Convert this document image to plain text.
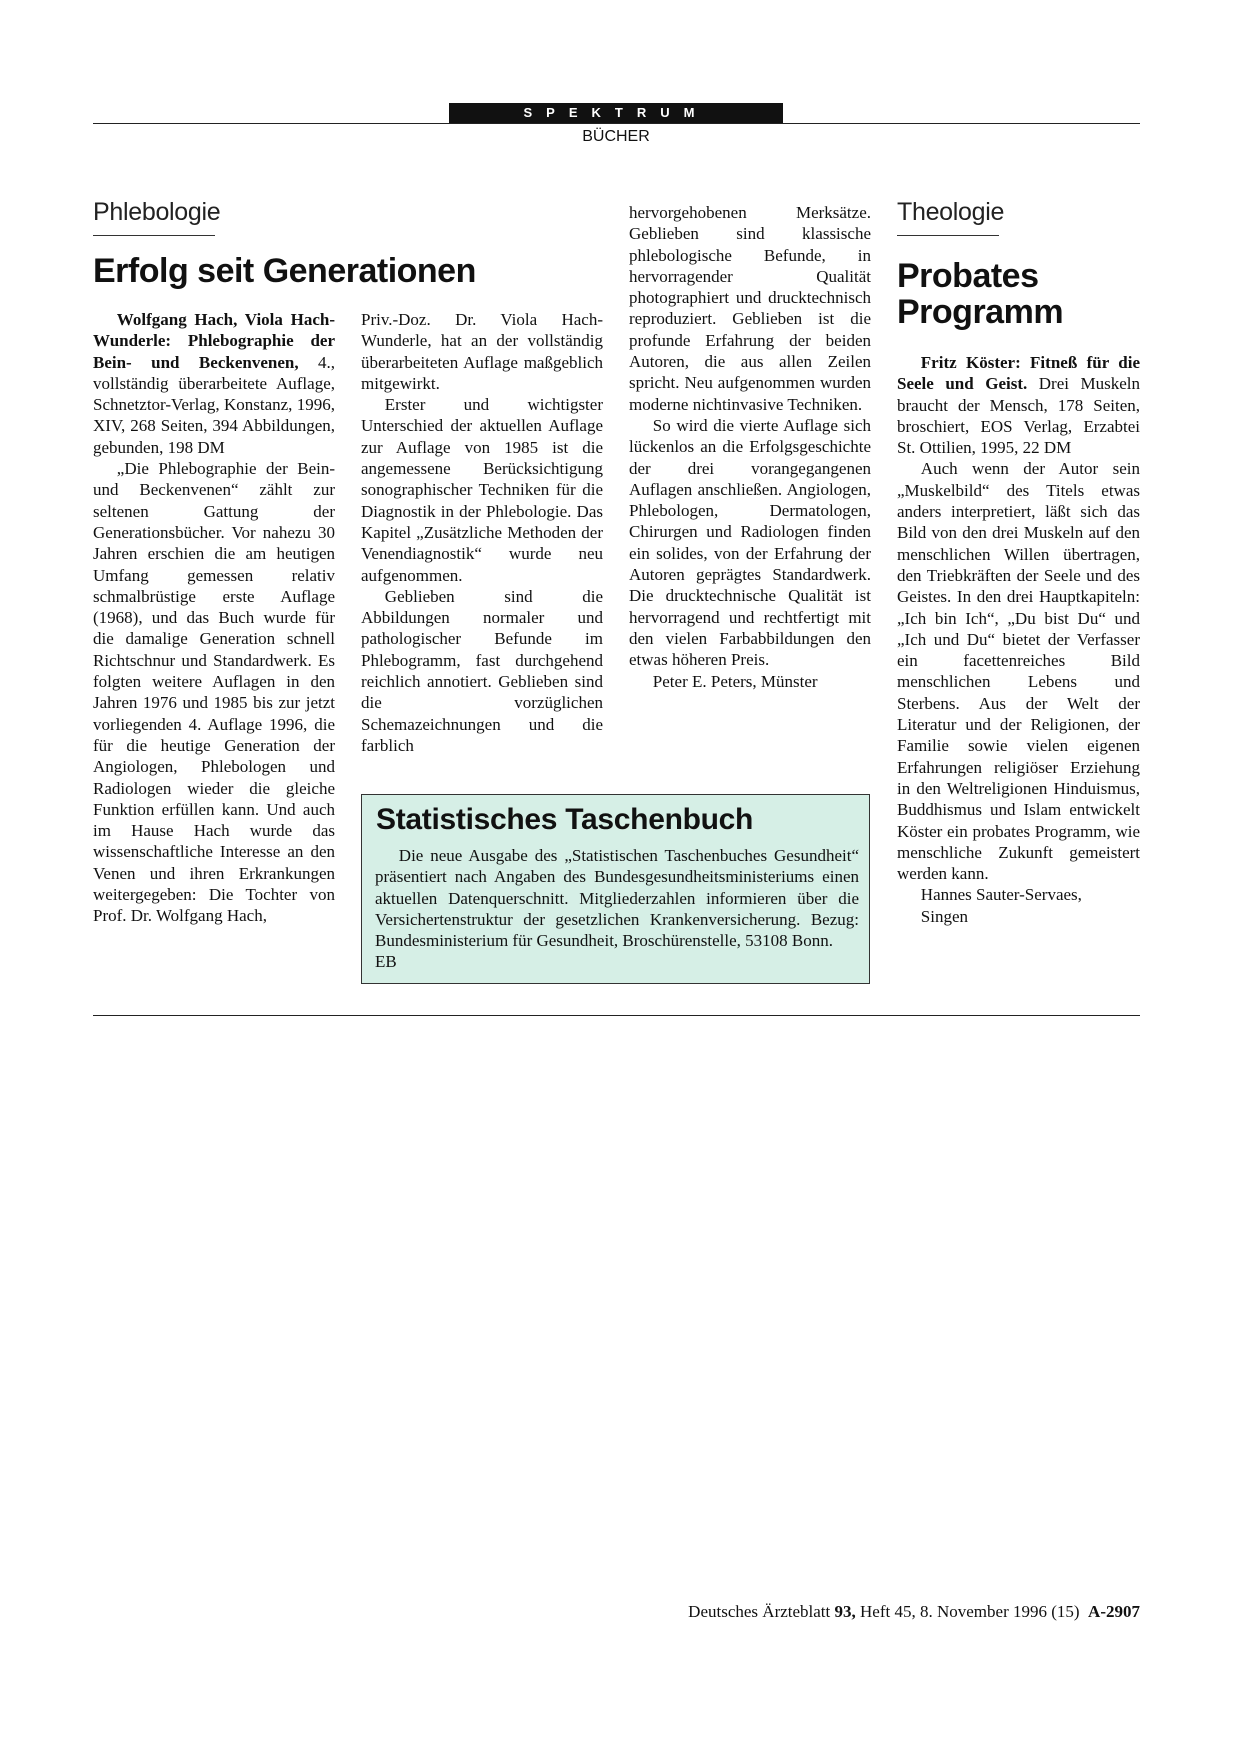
SPEKTRUM
BÜCHER
Phlebologie
Erfolg seit Generationen

Wolfgang Hach, Viola Hach-Wunderle: Phlebographie der Bein- und Beckenvenen, 4., vollständig überarbeitete Auflage, Schnetztor-Verlag, Konstanz, 1996, XIV, 268 Seiten, 394 Abbildungen, gebunden, 198 DM

„Die Phlebographie der Bein- und Beckenvenen“ zählt zur seltenen Gattung der Generationsbücher. Vor nahezu 30 Jahren erschien die am heutigen Umfang gemessen relativ schmalbrüstige erste Auflage (1968), und das Buch wurde für die damalige Generation schnell Richtschnur und Standardwerk. Es folgten weitere Auflagen in den Jahren 1976 und 1985 bis zur jetzt vorliegenden 4. Auflage 1996, die für die heutige Generation der Angiologen, Phlebologen und Radiologen wieder die gleiche Funktion erfüllen kann. Und auch im Hause Hach wurde das wissenschaftliche Interesse an den Venen und ihren Erkrankungen weitergegeben: Die Tochter von Prof. Dr. Wolfgang Hach,

Priv.-Doz. Dr. Viola Hach-Wunderle, hat an der vollständig überarbeiteten Auflage maßgeblich mitgewirkt.

Erster und wichtigster Unterschied der aktuellen Auflage zur Auflage von 1985 ist die angemessene Berücksichtigung sonographischer Techniken für die Diagnostik in der Phlebologie. Das Kapitel „Zusätzliche Methoden der Venendiagnostik“ wurde neu aufgenommen.

Geblieben sind die Abbildungen normaler und pathologischer Befunde im Phlebogramm, fast durchgehend reichlich annotiert. Geblieben sind die vorzüglichen Schemazeichnungen und die farblich

hervorgehobenen Merksätze. Geblieben sind klassische phlebologische Befunde, in hervorragender Qualität photographiert und drucktechnisch reproduziert. Geblieben ist die profunde Erfahrung der beiden Autoren, die aus allen Zeilen spricht. Neu aufgenommen wurden moderne nichtinvasive Techniken.

So wird die vierte Auflage sich lückenlos an die Erfolgsgeschichte der drei vorangegangenen Auflagen anschließen. Angiologen, Phlebologen, Dermatologen, Chirurgen und Radiologen finden ein solides, von der Erfahrung der Autoren geprägtes Standardwerk. Die drucktechnische Qualität ist hervorragend und rechtfertigt mit den vielen Farbabbildungen den etwas höheren Preis.

Peter E. Peters, Münster

Statistisches Taschenbuch

Die neue Ausgabe des „Statistischen Taschenbuches Gesundheit“ präsentiert nach Angaben des Bundesgesundheitsministeriums einen aktuellen Datenquerschnitt. Mitgliederzahlen informieren über die Versichertenstruktur der gesetzlichen Krankenversicherung. Bezug: Bundesministerium für Gesundheit, Broschürenstelle, 53108 Bonn.EB

Theologie
Probates
Programm

Fritz Köster: Fitneß für die Seele und Geist. Drei Muskeln braucht der Mensch, 178 Seiten, broschiert, EOS Verlag, Erzabtei St. Ottilien, 1995, 22 DM

Auch wenn der Autor sein „Muskelbild“ des Titels etwas anders interpretiert, läßt sich das Bild von den drei Muskeln auf den menschlichen Willen übertragen, den Triebkräften der Seele und des Geistes. In den drei Hauptkapiteln: „Ich bin Ich“, „Du bist Du“ und „Ich und Du“ bietet der Verfasser ein facettenreiches Bild menschlichen Lebens und Sterbens. Aus der Welt der Literatur und der Religionen, der Familie sowie vielen eigenen Erfahrungen religiöser Erziehung in den Weltreligionen Hinduismus, Buddhismus und Islam entwickelt Köster ein probates Programm, wie menschliche Zukunft gemeistert werden kann.

Hannes Sauter-Servaes,

Singen

Deutsches Ärzteblatt 93, Heft 45, 8. November 1996 (15)  A-2907
